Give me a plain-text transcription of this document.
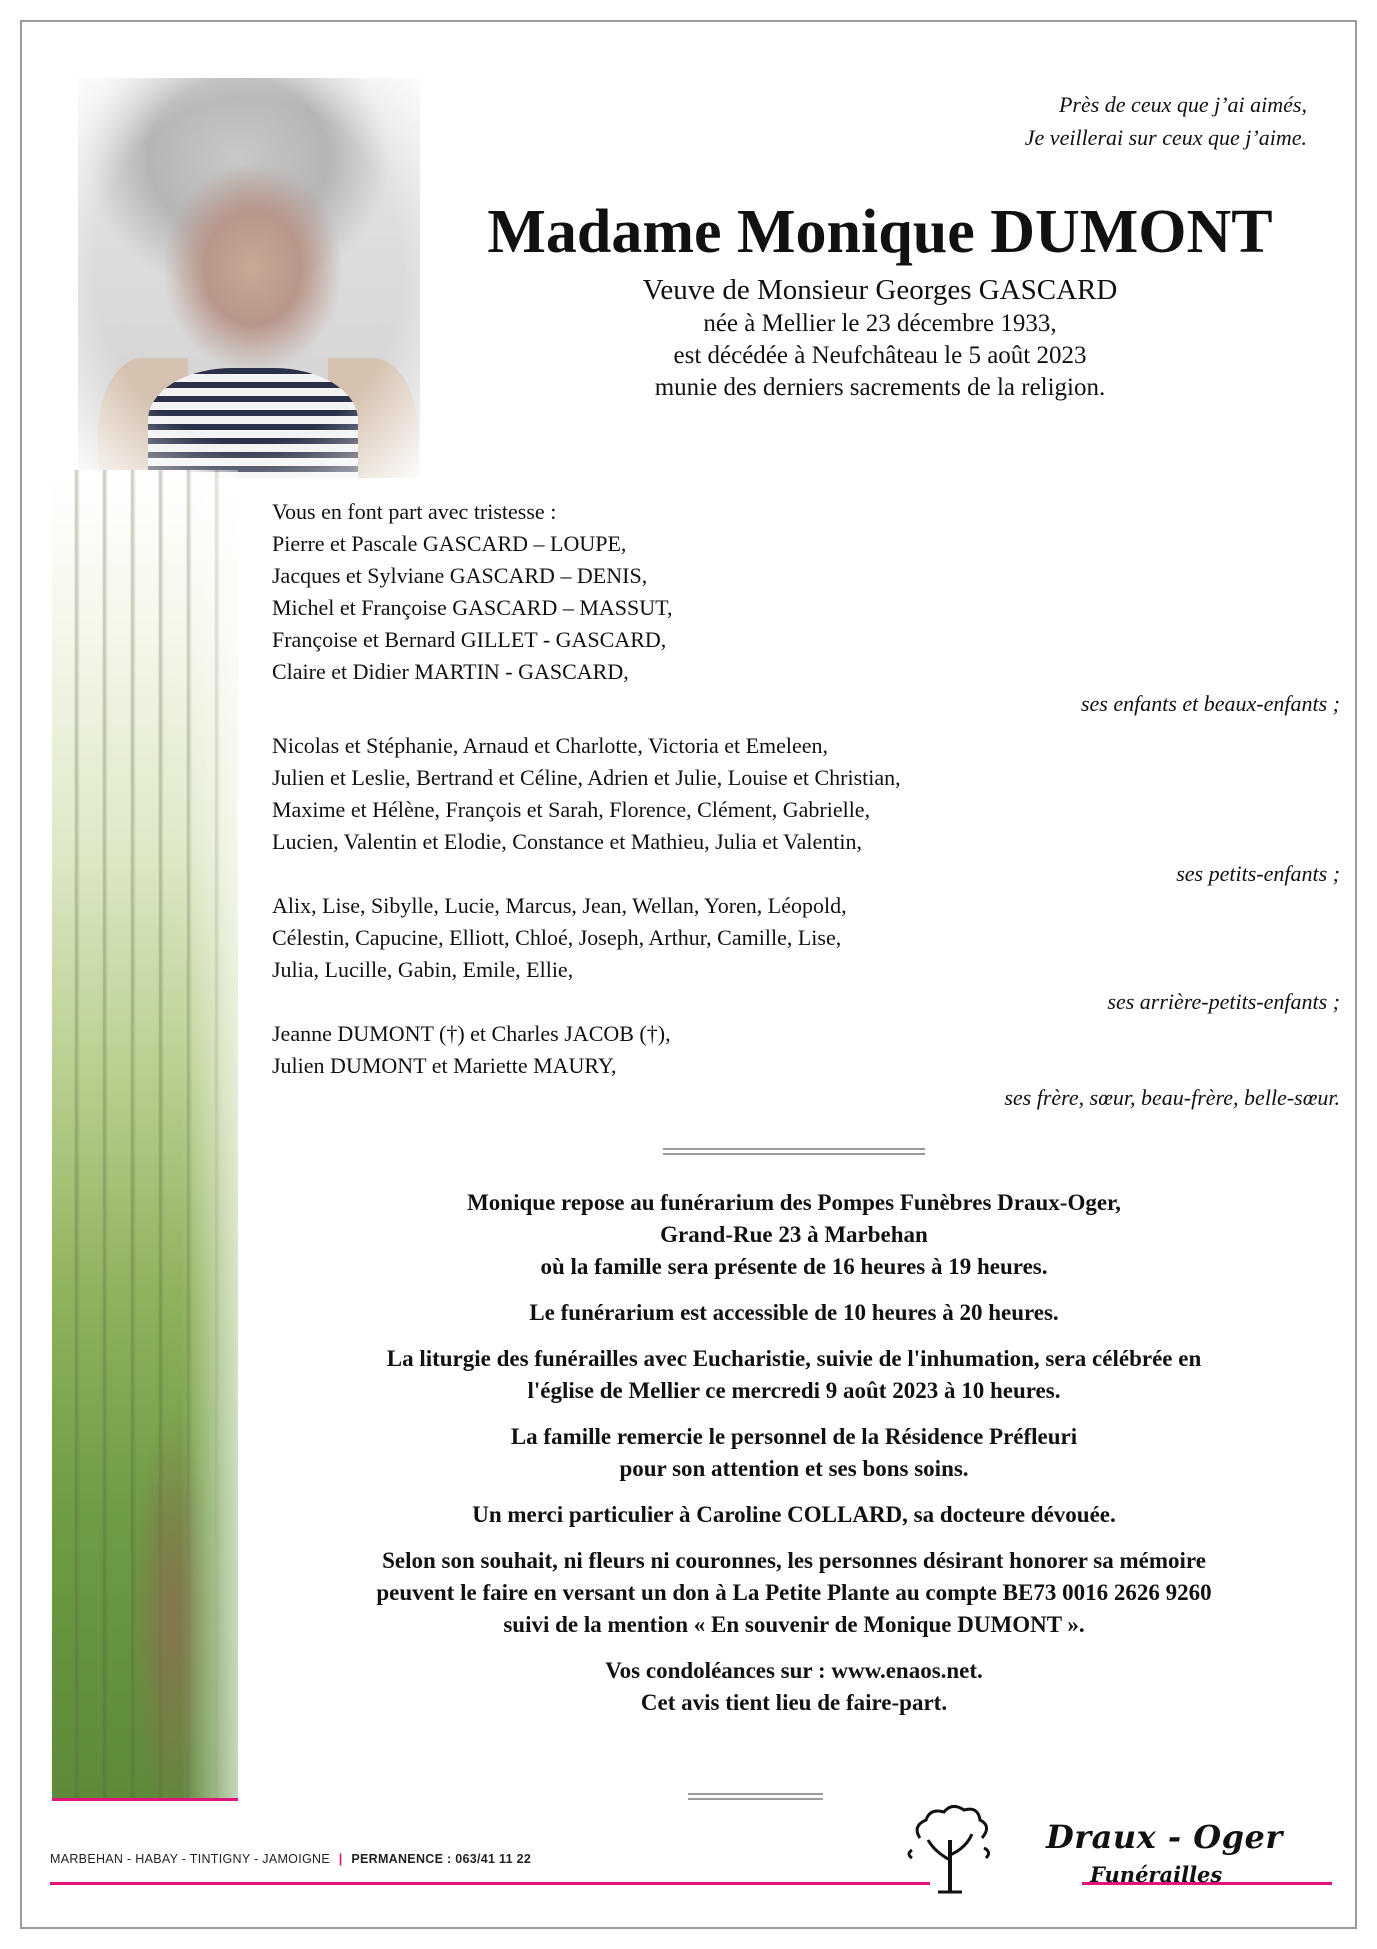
Près de ceux que j’ai aimés,
Je veillerai sur ceux que j’aime.
Madame Monique DUMONT
Veuve de Monsieur Georges GASCARD
née à Mellier le 23 décembre 1933,
est décédée à Neufchâteau le 5 août 2023
munie des derniers sacrements de la religion.
Vous en font part avec tristesse :
Pierre et Pascale GASCARD – LOUPE,
Jacques et Sylviane GASCARD – DENIS,
Michel et Françoise GASCARD – MASSUT,
Françoise et Bernard GILLET - GASCARD,
Claire et Didier MARTIN - GASCARD,
ses enfants et beaux-enfants ;
Nicolas et Stéphanie, Arnaud et Charlotte, Victoria et Emeleen,
Julien et Leslie, Bertrand et Céline, Adrien et Julie, Louise et Christian,
Maxime et Hélène, François et Sarah, Florence, Clément, Gabrielle,
Lucien, Valentin et Elodie, Constance et Mathieu, Julia et Valentin,
ses petits-enfants ;
Alix, Lise, Sibylle, Lucie, Marcus, Jean, Wellan, Yoren, Léopold,
Célestin, Capucine, Elliott, Chloé, Joseph, Arthur, Camille, Lise,
Julia, Lucille, Gabin, Emile, Ellie,
ses arrière-petits-enfants ;
Jeanne DUMONT (†) et Charles JACOB (†),
Julien DUMONT et Mariette MAURY,
ses frère, sœur, beau-frère, belle-sœur.

Monique repose au funérarium des Pompes Funèbres Draux-Oger,
Grand-Rue 23 à Marbehan
où la famille sera présente de 16 heures à 19 heures.

Le funérarium est accessible de 10 heures à 20 heures.

La liturgie des funérailles avec Eucharistie, suivie de l'inhumation, sera célébrée en
l'église de Mellier ce mercredi 9 août 2023 à 10 heures.

La famille remercie le personnel de la Résidence Préfleuri
pour son attention et ses bons soins.

Un merci particulier à Caroline COLLARD, sa docteure dévouée.

Selon son souhait, ni fleurs ni couronnes, les personnes désirant honorer sa mémoire
peuvent le faire en versant un don à La Petite Plante au compte BE73 0016 2626 9260
suivi de la mention « En souvenir de Monique DUMONT ».

Vos condoléances sur : www.enaos.net.
Cet avis tient lieu de faire-part.

MARBEHAN - HABAY - TINTIGNY - JAMOIGNE | PERMANENCE : 063/41 11 22
Draux - Oger
Funérailles
